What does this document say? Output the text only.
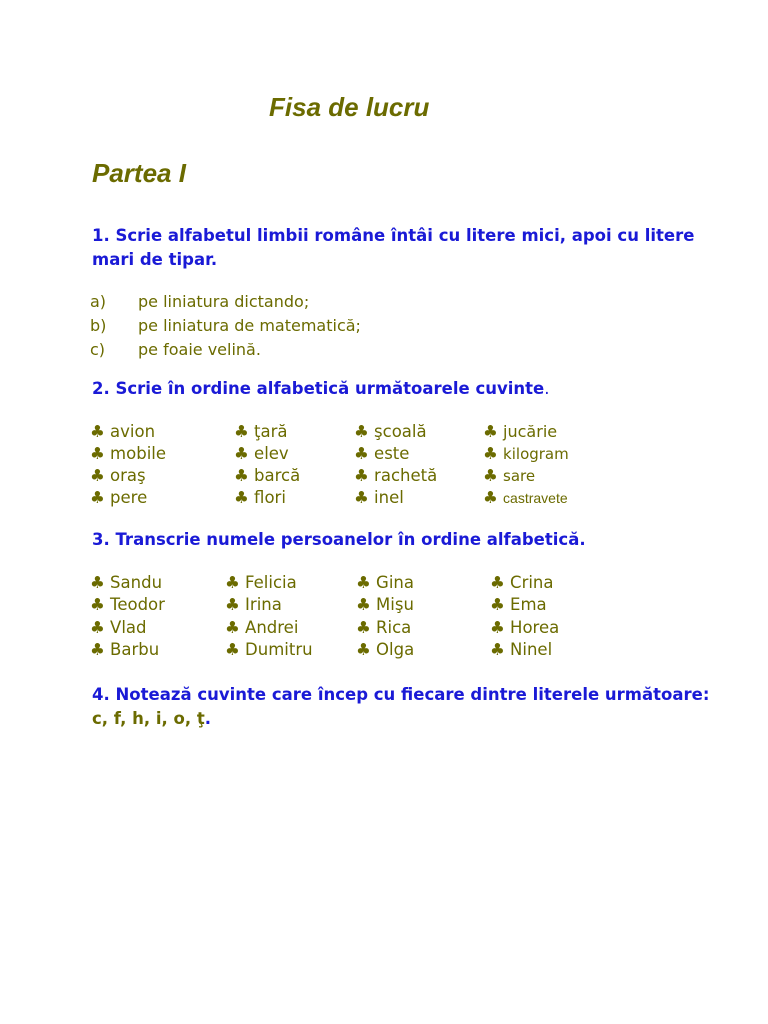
Fisa de lucru
Partea I
1. Scrie alfabetul limbii române întâi cu litere mici, apoi cu litere mari de tipar.
a)	pe liniatura dictando;
b)	pe liniatura de matematică;
c)	pe foaie velină.
2. Scrie în ordine alfabetică următoarele cuvinte.
♣ avion	♣ ţară	♣ şcoală	♣ jucărie
♣ mobile	♣ elev	♣ este	♣ kilogram
♣ oraş	♣ barcă	♣ rachetă	♣ sare
♣ pere	♣ flori	♣ inel	♣ castravete
3. Transcrie numele persoanelor în ordine alfabetică.
♣ Sandu	♣ Felicia	♣ Gina	♣ Crina
♣ Teodor	♣ Irina	♣ Mişu	♣ Ema
♣ Vlad	♣ Andrei	♣ Rica	♣ Horea
♣ Barbu	♣ Dumitru	♣ Olga	♣ Ninel
4. Notează cuvinte care încep cu fiecare dintre literele următoare: c, f, h, i, o, ţ.
